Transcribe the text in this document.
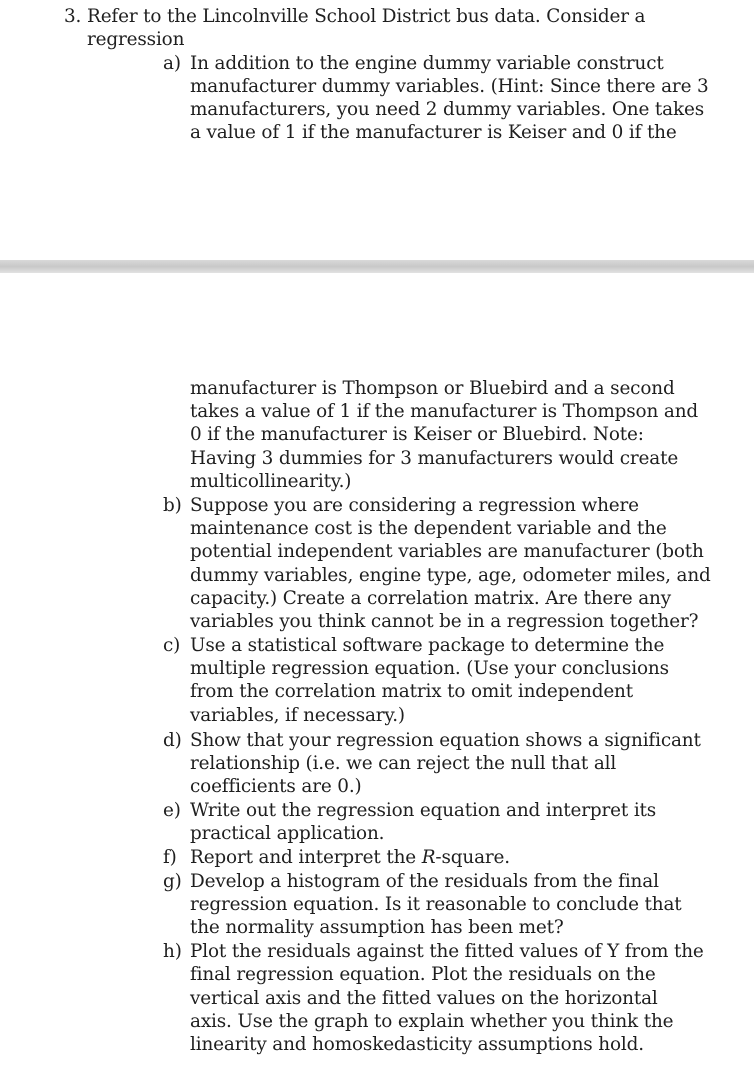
3. Refer to the Lincolnville School District bus data. Consider a
regression
a) In addition to the engine dummy variable construct
manufacturer dummy variables. (Hint: Since there are 3
manufacturers, you need 2 dummy variables. One takes
a value of 1 if the manufacturer is Keiser and 0 if the
manufacturer is Thompson or Bluebird and a second
takes a value of 1 if the manufacturer is Thompson and
0 if the manufacturer is Keiser or Bluebird. Note:
Having 3 dummies for 3 manufacturers would create
multicollinearity.)
b) Suppose you are considering a regression where
maintenance cost is the dependent variable and the
potential independent variables are manufacturer (both
dummy variables, engine type, age, odometer miles, and
capacity.) Create a correlation matrix. Are there any
variables you think cannot be in a regression together?
c) Use a statistical software package to determine the
multiple regression equation. (Use your conclusions
from the correlation matrix to omit independent
variables, if necessary.)
d) Show that your regression equation shows a significant
relationship (i.e. we can reject the null that all
coefficients are 0.)
e) Write out the regression equation and interpret its
practical application.
f) Report and interpret the R-square.
g) Develop a histogram of the residuals from the final
regression equation. Is it reasonable to conclude that
the normality assumption has been met?
h) Plot the residuals against the fitted values of Y from the
final regression equation. Plot the residuals on the
vertical axis and the fitted values on the horizontal
axis. Use the graph to explain whether you think the
linearity and homoskedasticity assumptions hold.
